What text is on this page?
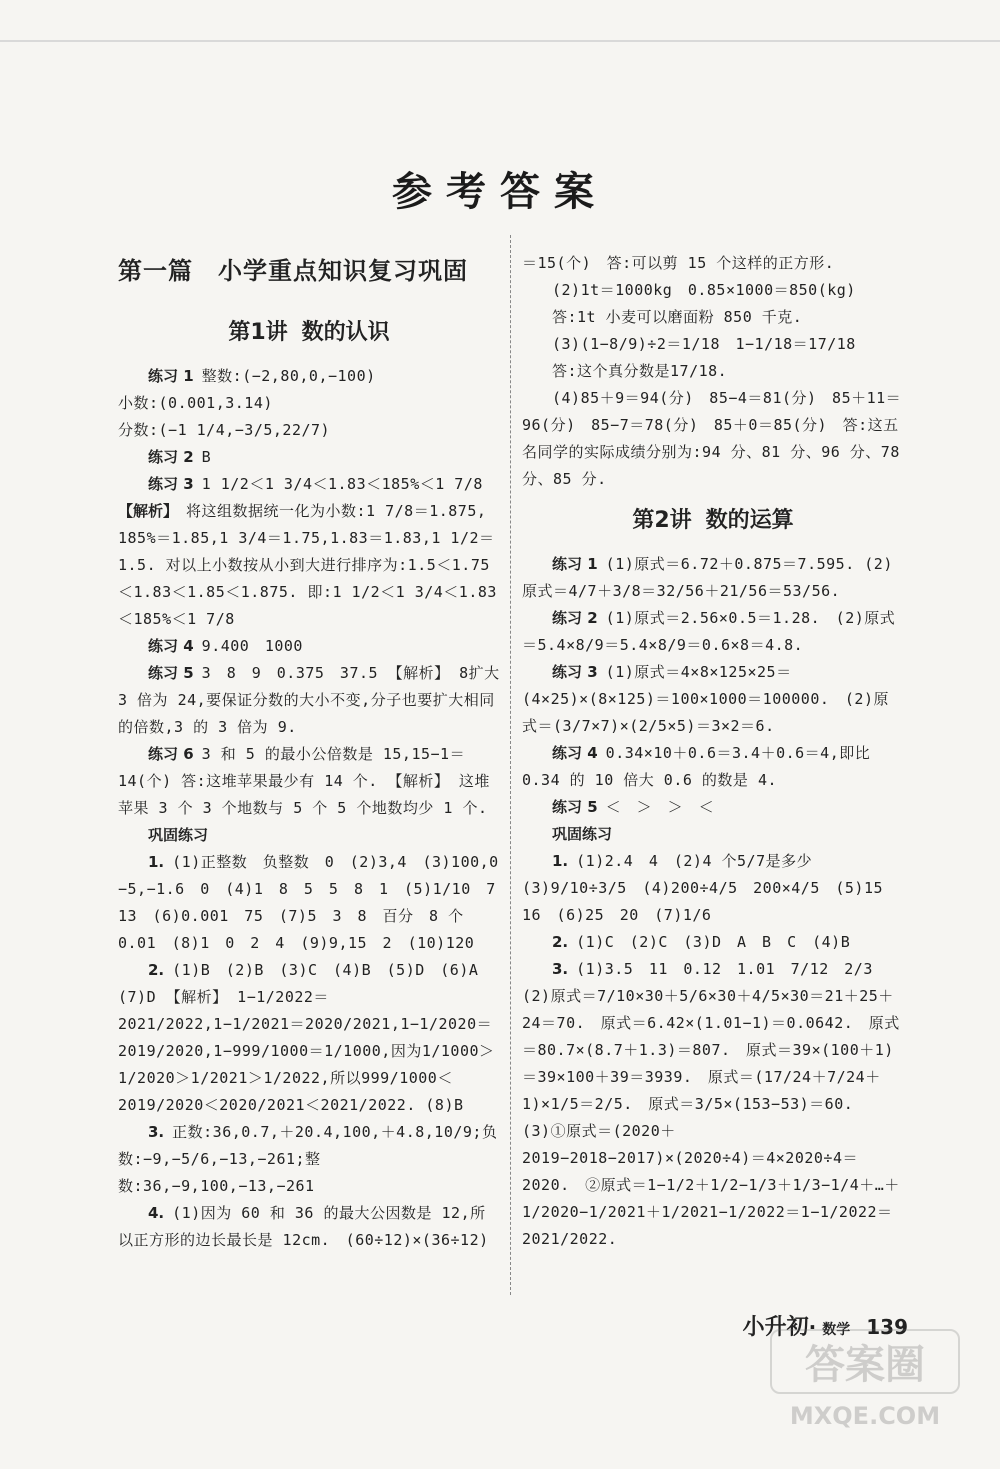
参考答案
第一篇　小学重点知识复习巩固
第1讲 数的认识

练习 1 整数:(−2,80,0,−100)

小数:(0.001,3.14)

分数:(−1 1/4,−3/5,22/7)

练习 2 B

练习 3 1 1/2＜1 3/4＜1.83＜185%＜1 7/8

【解析】 将这组数据统一化为小数:1 7/8＝1.875, 185%＝1.85,1 3/4＝1.75,1.83＝1.83,1 1/2＝1.5. 对以上小数按从小到大进行排序为:1.5＜1.75＜1.83＜1.85＜1.875. 即:1 1/2＜1 3/4＜1.83＜185%＜1 7/8

练习 4 9.400　1000

练习 5 3　8　9　0.375　37.5 【解析】 8扩大 3 倍为 24,要保证分数的大小不变,分子也要扩大相同的倍数,3 的 3 倍为 9.

练习 6 3 和 5 的最小公倍数是 15,15−1＝14(个) 答:这堆苹果最少有 14 个. 【解析】 这堆苹果 3 个 3 个地数与 5 个 5 个地数均少 1 个.

巩固练习

1. (1)正整数　负整数　0　(2)3,4　(3)100,0　−5,−1.6　0　(4)1　8　5　5　8　1　(5)1/10　7　13　(6)0.001　75　(7)5　3　8　百分　8 个 0.01　(8)1　0　2　4　(9)9,15　2　(10)120

2. (1)B　(2)B　(3)C　(4)B　(5)D　(6)A　(7)D 【解析】 1−1/2022＝2021/2022,1−1/2021＝2020/2021,1−1/2020＝2019/2020,1−999/1000＝1/1000,因为1/1000＞1/2020＞1/2021＞1/2022,所以999/1000＜2019/2020＜2020/2021＜2021/2022. (8)B

3. 正数:36,0.7,＋20.4,100,＋4.8,10/9;负数:−9,−5/6,−13,−261;整数:36,−9,100,−13,−261

4. (1)因为 60 和 36 的最大公因数是 12,所以正方形的边长最长是 12cm.　(60÷12)×(36÷12)

＝15(个)　答:可以剪 15 个这样的正方形.

(2)1t＝1000kg　0.85×1000＝850(kg)

答:1t 小麦可以磨面粉 850 千克.

(3)(1−8/9)÷2＝1/18　1−1/18＝17/18

答:这个真分数是17/18.

(4)85＋9＝94(分)　85−4＝81(分)　85＋11＝96(分)　85−7＝78(分)　85＋0＝85(分)　答:这五名同学的实际成绩分别为:94 分、81 分、96 分、78 分、85 分.

第2讲 数的运算

练习 1 (1)原式＝6.72＋0.875＝7.595. (2)原式＝4/7＋3/8＝32/56＋21/56＝53/56.

练习 2 (1)原式＝2.56×0.5＝1.28.　(2)原式＝5.4×8/9＝5.4×8/9＝0.6×8＝4.8.

练习 3 (1)原式＝4×8×125×25＝(4×25)×(8×125)＝100×1000＝100000.　(2)原式＝(3/7×7)×(2/5×5)＝3×2＝6.

练习 4 0.34×10＋0.6＝3.4＋0.6＝4,即比 0.34 的 10 倍大 0.6 的数是 4.

练习 5 ＜　＞　＞　＜

巩固练习

1. (1)2.4　4　(2)4 个5/7是多少　(3)9/10÷3/5　(4)200÷4/5　200×4/5　(5)15　16　(6)25　20　(7)1/6

2. (1)C　(2)C　(3)D　A　B　C　(4)B

3. (1)3.5　11　0.12　1.01　7/12　2/3

(2)原式＝7/10×30＋5/6×30＋4/5×30＝21＋25＋24＝70.　原式＝6.42×(1.01−1)＝0.0642.　原式＝80.7×(8.7＋1.3)＝807.　原式＝39×(100＋1)＝39×100＋39＝3939.　原式＝(17/24＋7/24＋1)×1/5＝2/5.　原式＝3/5×(153−53)＝60.　(3)①原式＝(2020＋2019−2018−2017)×(2020÷4)＝4×2020÷4＝2020.　②原式＝1−1/2＋1/2−1/3＋1/3−1/4＋…＋1/2020−1/2021＋1/2021−1/2022＝1−1/2022＝2021/2022.

小升初· 数学 139
答案圈
MXQE.COM
